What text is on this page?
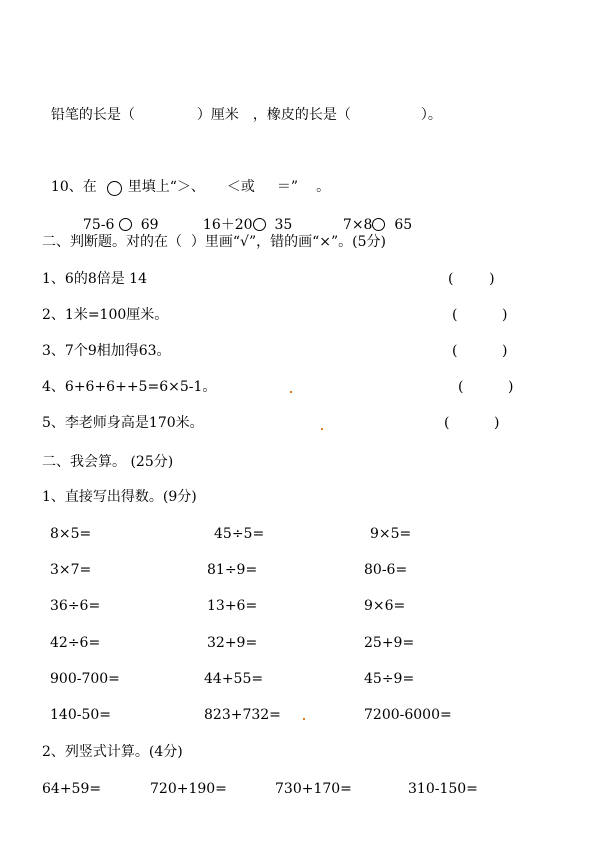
铅笔的长是（	）厘米 ，橡皮的长是（	）。

10、在 里填上“＞、 ＜或 ＝” 。

75-6 69	16＋20 35	7×8 65

二、判断题。对的在（  ）里画“√”，错的画“×”。(5分)
1、6的8倍是 14	(        )
2、1米=100厘米。	(          )
3、7个9相加得63。	(          )
4、6+6+6++5=6×5-1。	(          )
5、李老师身高是170米。	(          )
二、我会算。 (25分)
1、直接写出得数。(9分)
8×5=	45÷5=	9×5=
3×7=	81÷9=	80-6=
36÷6=	13+6=	9×6=
42÷6=	32+9=	25+9=
900-700=	44+55=	45÷9=
140-50=	823+732=	7200-6000=
2、列竖式计算。(4分)
64+59=	720+190=	730+170=	310-150=
